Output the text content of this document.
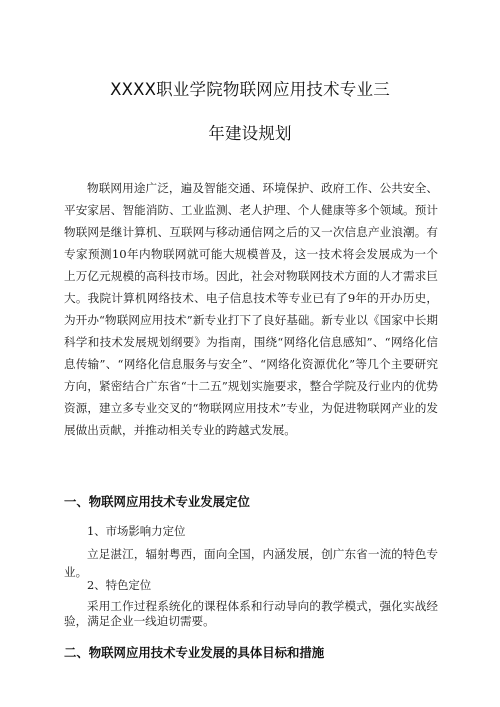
XXXX职业学院物联网应用技术专业三
年建设规划

物联网用途广泛，遍及智能交通、环境保护、政府工作、公共安全、平安家居、智能消防、工业监测、老人护理、个人健康等多个领域。预计物联网是继计算机、互联网与移动通信网之后的又一次信息产业浪潮。有专家预测10年内物联网就可能大规模普及，这一技术将会发展成为一个上万亿元规模的高科技市场。因此，社会对物联网技术方面的人才需求巨大。我院计算机网络技术、电子信息技术等专业已有了9年的开办历史，为开办“物联网应用技术”新专业打下了良好基础。新专业以《国家中长期科学和技术发展规划纲要》为指南，围绕“网络化信息感知”、“网络化信息传输”、“网络化信息服务与安全”、“网络化资源优化”等几个主要研究方向，紧密结合广东省“十二五”规划实施要求，整合学院及行业内的优势资源，建立多专业交叉的“物联网应用技术”专业，为促进物联网产业的发展做出贡献，并推动相关专业的跨越式发展。

一、物联网应用技术专业发展定位

1、市场影响力定位

立足湛江，辐射粤西，面向全国，内涵发展，创广东省一流的特色专业。

2、特色定位

采用工作过程系统化的课程体系和行动导向的教学模式，强化实战经验，满足企业一线迫切需要。

二、物联网应用技术专业发展的具体目标和措施
